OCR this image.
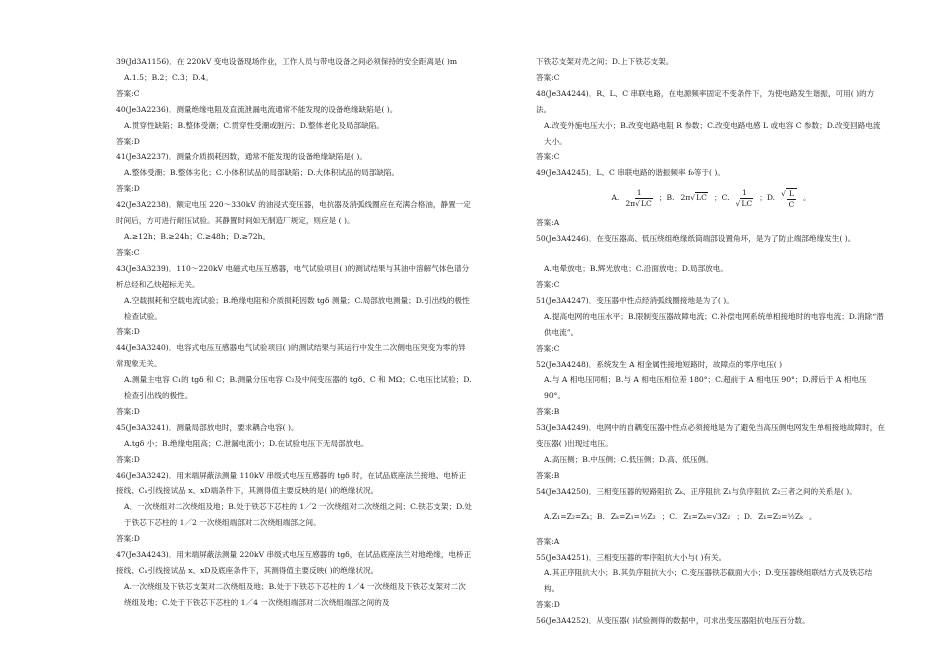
39(Jd3A1156)．在 220kV 变电设备现场作业，工作人员与带电设备之间必须保持的安全距离是( )m

A.1.5；B.2；C.3；D.4。

答案:C

40(Je3A2236)．测量绝缘电阻及直流泄漏电流通常不能发现的设备绝缘缺陷是( )。

A.贯穿性缺陷；B.整体受潮；C.贯穿性受潮或脏污；D.整体老化及局部缺陷。

答案:D

41(Je3A2237)．测量介质损耗因数，通常不能发现的设备绝缘缺陷是( )。

A.整体受潮；B.整体劣化；C.小体积试品的局部缺陷；D.大体积试品的局部缺陷。

答案:D

42(Je3A2238)．额定电压 220～330kV 的油浸式变压器，电抗器及消弧线圈应在充满合格油，静置一定时间后，方可进行耐压试验。其静置时间如无制造厂规定，则应是 ( )。

A.≥12h；B.≥24h；C.≥48h；D.≥72h。

答案:C

43(Je3A3239)．110～220kV 电磁式电压互感器，电气试验项目( )的测试结果与其油中溶解气体色谱分析总烃和乙炔超标无关。

A.空载损耗和空载电流试验；B.绝缘电阻和介质损耗因数 tgδ 测量；C.局部放电测量；D.引出线的极性检查试验。

答案:D

44(Je3A3240)．电容式电压互感器电气试验项目( )的测试结果与其运行中发生二次侧电压突变为零的异常现象无关。

A.测量主电容 C₁的 tgδ 和 C；B.测量分压电容 C₂及中间变压器的 tgδ、C 和 MΩ；C.电压比试验；D.检查引出线的极性。

答案:D

45(Je3A3241)．测量局部放电时，要求耦合电容( )。

A.tgδ 小；B.绝缘电阻高；C.泄漏电流小；D.在试验电压下无局部放电。

答案:D

46(Je3A3242)．用末端屏蔽法测量 110kV 串级式电压互感器的 tgδ 时，在试品底座法兰接地、电桥正接线、Cₓ引线接试品 x、xD端条件下，其测得值主要反映的是( )的绝缘状况。

A．一次绕组对二次绕组及地；B.处于铁芯下芯柱的 1／2 一次绕组对二次绕组之间；C.铁芯支架；D.处于铁芯下芯柱的 1／2 一次绕组端部对二次绕组端部之间。

答案:D

47(Je3A4243)．用末端屏蔽法测量 220kV 串级式电压互感器的 tgδ，在试品底座法兰对地绝缘，电桥正接线、Cₓ引线接试品 x、xD及底座条件下，其测得值主要反映( )的绝缘状况。

A.一次绕组及下铁芯支架对二次绕组及地；B.处于下铁芯下芯柱的 1／4 一次绕组及下铁芯支架对二次绕组及地；C.处于下铁芯下芯柱的 1／4 一次绕组端部对二次绕组端部之间的及

下铁芯支架对壳之间；D.上下铁芯支架。

答案:C

48(Je3A4244)．R、L、C 串联电路，在电源频率固定不变条件下，为使电路发生谐振，可用( )的方法。

A.改变外施电压大小；B.改变电路电阻 R 参数；C.改变电路电感 L 或电容 C 参数；D.改变回路电流大小。

答案:C

49(Je3A4245)．L、C 串联电路的谐振频率 f₀等于( )。

A. $\frac{1}{2\pi√LC}$ ；B. 2π√LC ；C. $\frac{1}{√LC}$ ；D. √ $\frac{L}{C}$ 。

答案:A

50(Je3A4246)．在变压器高、低压绕组绝缘纸筒端部设置角环，是为了防止端部绝缘发生( )。

A.电晕放电；B.辉光放电；C.沿面放电；D.局部放电。

答案:C

51(Je3A4247)．变压器中性点经消弧线圈接地是为了( )。

A.提高电网的电压水平；B.限制变压器故障电流；C.补偿电网系统单相接地时的电容电流；D.消除“潜供电流”。

答案:C

52(Je3A4248)．系统发生 A 相金属性接地短路时，故障点的零序电压( )

A.与 A 相电压同相；B.与 A 相电压相位差 180°；C.超前于 A 相电压 90°；D.滞后于 A 相电压 90°。

答案:B

53(Je3A4249)．电网中的自耦变压器中性点必须接地是为了避免当高压侧电网发生单相接地故障时，在变压器( )出现过电压。

A.高压侧；B.中压侧；C.低压侧；D.高、低压侧。

答案:B

54(Je3A4250)．三相变压器的短路阻抗 Zₖ、正序阻抗 Z₁与负序阻抗 Z₂三者之间的关系是( )。

A.Z₁=Z₂=Zₖ；B. Zₖ=Z₁=½Z₂ ；C. Z₁=Zₖ=√3Z₂ ；D. Z₁=Z₂=½Zₖ 。

答案:A

55(Je3A4251)．三相变压器的零序阻抗大小与( )有关。

A.其正序阻抗大小；B.其负序阻抗大小；C.变压器铁芯截面大小；D.变压器绕组联结方式及铁芯结构。

答案:D

56(Je3A4252)．从变压器( )试验测得的数据中，可求出变压器阻抗电压百分数。
